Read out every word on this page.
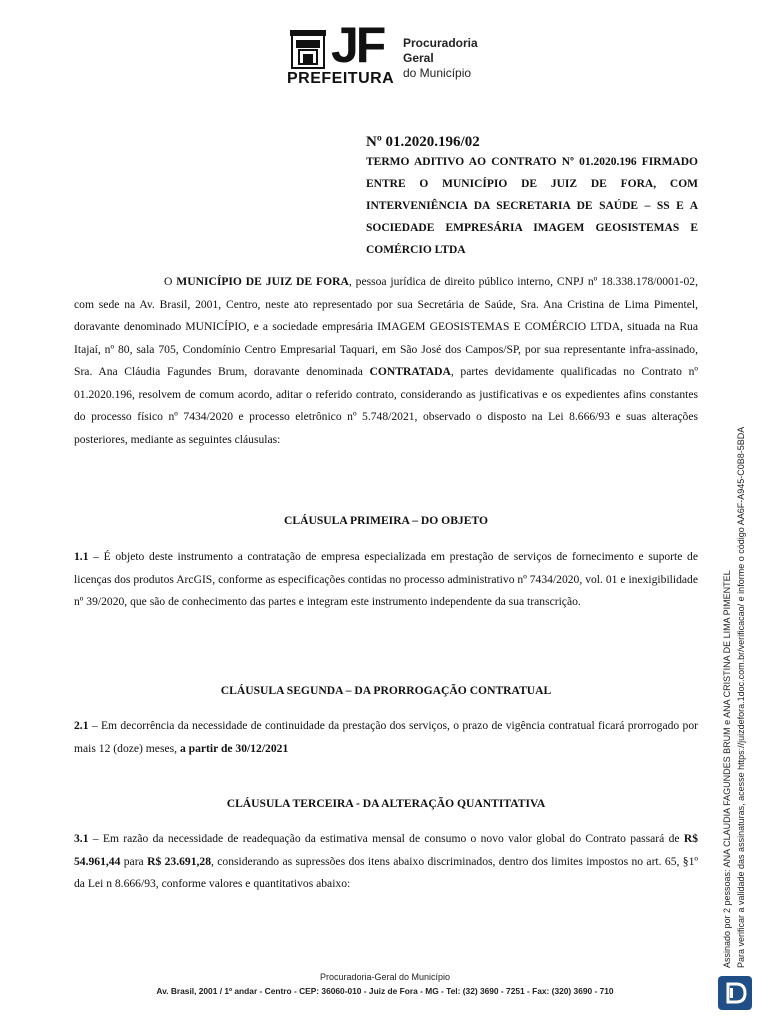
JF
PREFEITURA
Procuradoria
Geral
do Município
Nº 01.2020.196/02
TERMO ADITIVO AO CONTRATO Nº 01.2020.196 FIRMADO ENTRE O MUNICÍPIO DE JUIZ DE FORA, COM INTERVENIÊNCIA DA SECRETARIA DE SAÚDE – SS E A SOCIEDADE EMPRESÁRIA IMAGEM GEOSISTEMAS E COMÉRCIO LTDA
O MUNICÍPIO DE JUIZ DE FORA, pessoa jurídica de direito público interno, CNPJ nº 18.338.178/0001-02, com sede na Av. Brasil, 2001, Centro, neste ato representado por sua Secretária de Saúde, Sra. Ana Cristina de Lima Pimentel, doravante denominado MUNICÍPIO, e a sociedade empresária IMAGEM GEOSISTEMAS E COMÉRCIO LTDA, situada na Rua Itajaí, nº 80, sala 705, Condomínio Centro Empresarial Taquari, em São José dos Campos/SP, por sua representante infra-assinado, Sra. Ana Cláudia Fagundes Brum, doravante denominada CONTRATADA, partes devidamente qualificadas no Contrato nº 01.2020.196, resolvem de comum acordo, aditar o referido contrato, considerando as justificativas e os expedientes afins constantes do processo físico nº 7434/2020 e processo eletrônico nº 5.748/2021, observado o disposto na Lei 8.666/93 e suas alterações posteriores, mediante as seguintes cláusulas:
CLÁUSULA PRIMEIRA – DO OBJETO
1.1 – É objeto deste instrumento a contratação de empresa especializada em prestação de serviços de fornecimento e suporte de licenças dos produtos ArcGIS, conforme as especificações contidas no processo administrativo nº 7434/2020, vol. 01 e inexigibilidade nº 39/2020, que são de conhecimento das partes e integram este instrumento independente da sua transcrição.
CLÁUSULA SEGUNDA – DA PRORROGAÇÃO CONTRATUAL
2.1 – Em decorrência da necessidade de continuidade da prestação dos serviços, o prazo de vigência contratual ficará prorrogado por mais 12 (doze) meses, a partir de 30/12/2021
CLÁUSULA TERCEIRA - DA ALTERAÇÃO QUANTITATIVA
3.1 – Em razão da necessidade de readequação da estimativa mensal de consumo o novo valor global do Contrato passará de R$ 54.961,44 para R$ 23.691,28, considerando as supressões dos itens abaixo discriminados, dentro dos limites impostos no art. 65, §1º da Lei n 8.666/93, conforme valores e quantitativos abaixo:
Procuradoria-Geral do Município
Av. Brasil, 2001 / 1º andar - Centro - CEP: 36060-010 - Juiz de Fora - MG - Tel: (32) 3690 - 7251 - Fax: (320) 3690 - 710
Assinado por 2 pessoas: ANA CLAUDIA FAGUNDES BRUM e ANA CRISTINA DE LIMA PIMENTEL Para verificar a validade das assinaturas, acesse https://juizdefora.1doc.com.br/verificacao/ e informe o código AA6F-A945-C0B8-5BDA
